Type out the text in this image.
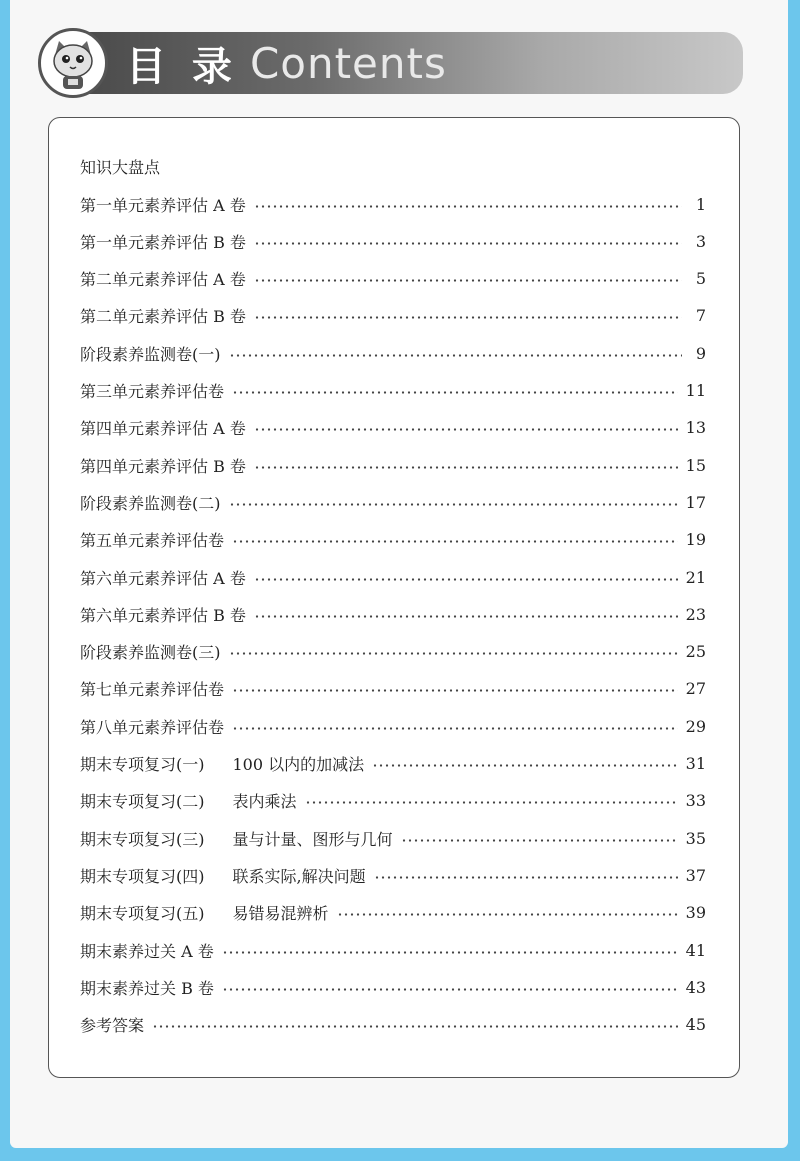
目 录 Contents
知识大盘点
第一单元素养评估 A 卷	1
第一单元素养评估 B 卷	3
第二单元素养评估 A 卷	5
第二单元素养评估 B 卷	7
阶段素养监测卷(一)	9
第三单元素养评估卷	11
第四单元素养评估 A 卷	13
第四单元素养评估 B 卷	15
阶段素养监测卷(二)	17
第五单元素养评估卷	19
第六单元素养评估 A 卷	21
第六单元素养评估 B 卷	23
阶段素养监测卷(三)	25
第七单元素养评估卷	27
第八单元素养评估卷	29
期末专项复习(一) 100 以内的加减法	31
期末专项复习(二) 表内乘法	33
期末专项复习(三) 量与计量、图形与几何	35
期末专项复习(四) 联系实际,解决问题	37
期末专项复习(五) 易错易混辨析	39
期末素养过关 A 卷	41
期末素养过关 B 卷	43
参考答案	45
